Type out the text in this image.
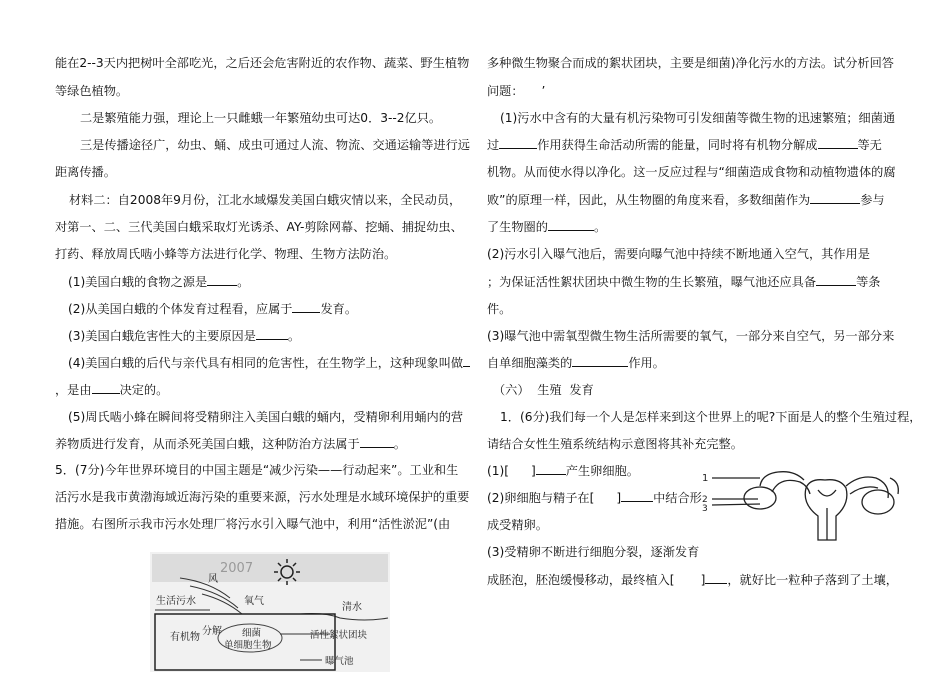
能在2--3天内把树叶全部吃光，之后还会危害附近的农作物、蔬菜、野生植物
等绿色植物。
二是繁殖能力强，理论上一只雌蛾一年繁殖幼虫可达0．3--2亿只。
三是传播途径广，幼虫、蛹、成虫可通过人流、物流、交通运输等进行远
距离传播。
材料二：自2008年9月份，江北水域爆发美国白蛾灾情以来，全民动员，
对第一、二、三代美国白蛾采取灯光诱杀、AY-剪除网幕、挖蛹、捕捉幼虫、
打药、释放周氏啮小蜂等方法进行化学、物理、生物方法防治。
(1)美国白蛾的食物之源是 。
(2)从美国白蛾的个体发育过程看，应属于 发育。
(3)美国白蛾危害性大的主要原因是	。
(4)美国白蛾的后代与亲代具有相同的危害性，在生物学上，这种现象叫做
，是由 决定的。
(5)周氏啮小蜂在瞬间将受精卵注入美国白蛾的蛹内，受精卵利用蛹内的营
养物质进行发育，从而杀死美国白蛾，这种防治方法属于	。
5．(7分)今年世界环境目的中国主题是“减少污染——行动起来”。工业和生
活污水是我市黄渤海域近海污染的重要来源，污水处理是水域环境保护的重要
措施。右图所示我市污水处理厂将污水引入曝气池中，利用“活性淤泥”(由
2007
风
生活污水	氧气
清水
有机物
分解 细菌
单细胞生物
活性絮状团块
曝气池
多种微生物聚合而成的絮状团块，主要是细菌)净化污水的方法。试分析回答
问题： ’
(1)污水中含有的大量有机污染物可引发细菌等微生物的迅速繁殖；细菌通
过	作用获得生命活动所需的能量，同时将有机物分解成	等无
机物。从而使水得以净化。这一反应过程与“细菌造成食物和动植物遗体的腐
败”的原理一样，因此，从生物圈的角度来看，多数细菌作为	参与
了生物圈的	。
(2)污水引入曝气池后，需要向曝气池中持续不断地通入空气，其作用是
；为保证活性絮状团块中微生物的生长繁殖，曝气池还应具备	等条
件。
(3)曝气池中需氧型微生物生活所需要的氧气，一部分来自空气，另一部分来
自单细胞藻类的	作用。
（六）  生殖  发育
1．(6分)我们每一个人是怎样来到这个世界上的呢?下面是人的整个生殖过程，
请结合女性生殖系统结构示意图将其补充完整。
(1)[ ] 产生卵细胞。
(2)卵细胞与精子在[ ]	中结合形
成受精卵。
(3)受精卵不断进行细胞分裂，逐渐发育
成胚泡，胚泡缓慢移动，最终植入[ ] ，就好比一粒种子落到了土壤，
1
2
3
